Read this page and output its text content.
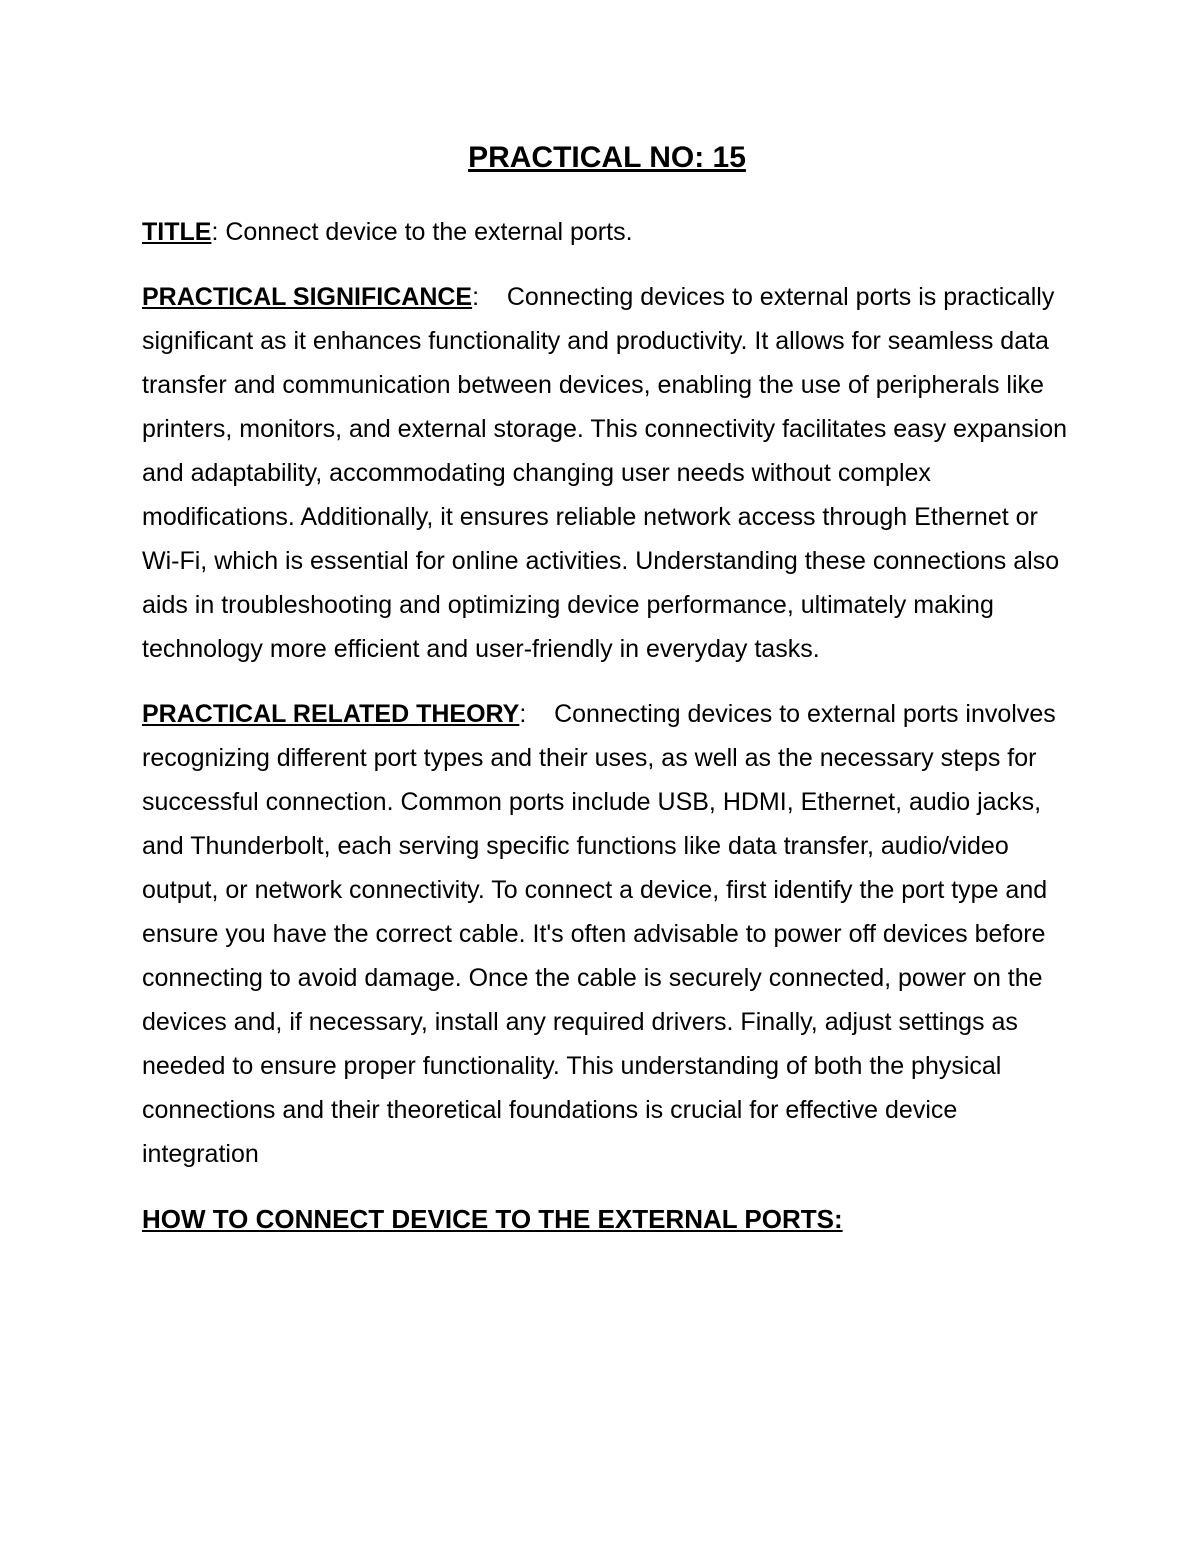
PRACTICAL NO: 15

TITLE: Connect device to the external ports.

PRACTICAL SIGNIFICANCE: Connecting devices to external ports is practically significant as it enhances functionality and productivity. It allows for seamless data transfer and communication between devices, enabling the use of peripherals like printers, monitors, and external storage. This connectivity facilitates easy expansion and adaptability, accommodating changing user needs without complex modifications. Additionally, it ensures reliable network access through Ethernet or Wi-Fi, which is essential for online activities. Understanding these connections also aids in troubleshooting and optimizing device performance, ultimately making technology more efficient and user-friendly in everyday tasks.

PRACTICAL RELATED THEORY: Connecting devices to external ports involves recognizing different port types and their uses, as well as the necessary steps for successful connection. Common ports include USB, HDMI, Ethernet, audio jacks, and Thunderbolt, each serving specific functions like data transfer, audio/video output, or network connectivity. To connect a device, first identify the port type and ensure you have the correct cable. It's often advisable to power off devices before connecting to avoid damage. Once the cable is securely connected, power on the devices and, if necessary, install any required drivers. Finally, adjust settings as needed to ensure proper functionality. This understanding of both the physical connections and their theoretical foundations is crucial for effective device integration

HOW TO CONNECT DEVICE TO THE EXTERNAL PORTS:
